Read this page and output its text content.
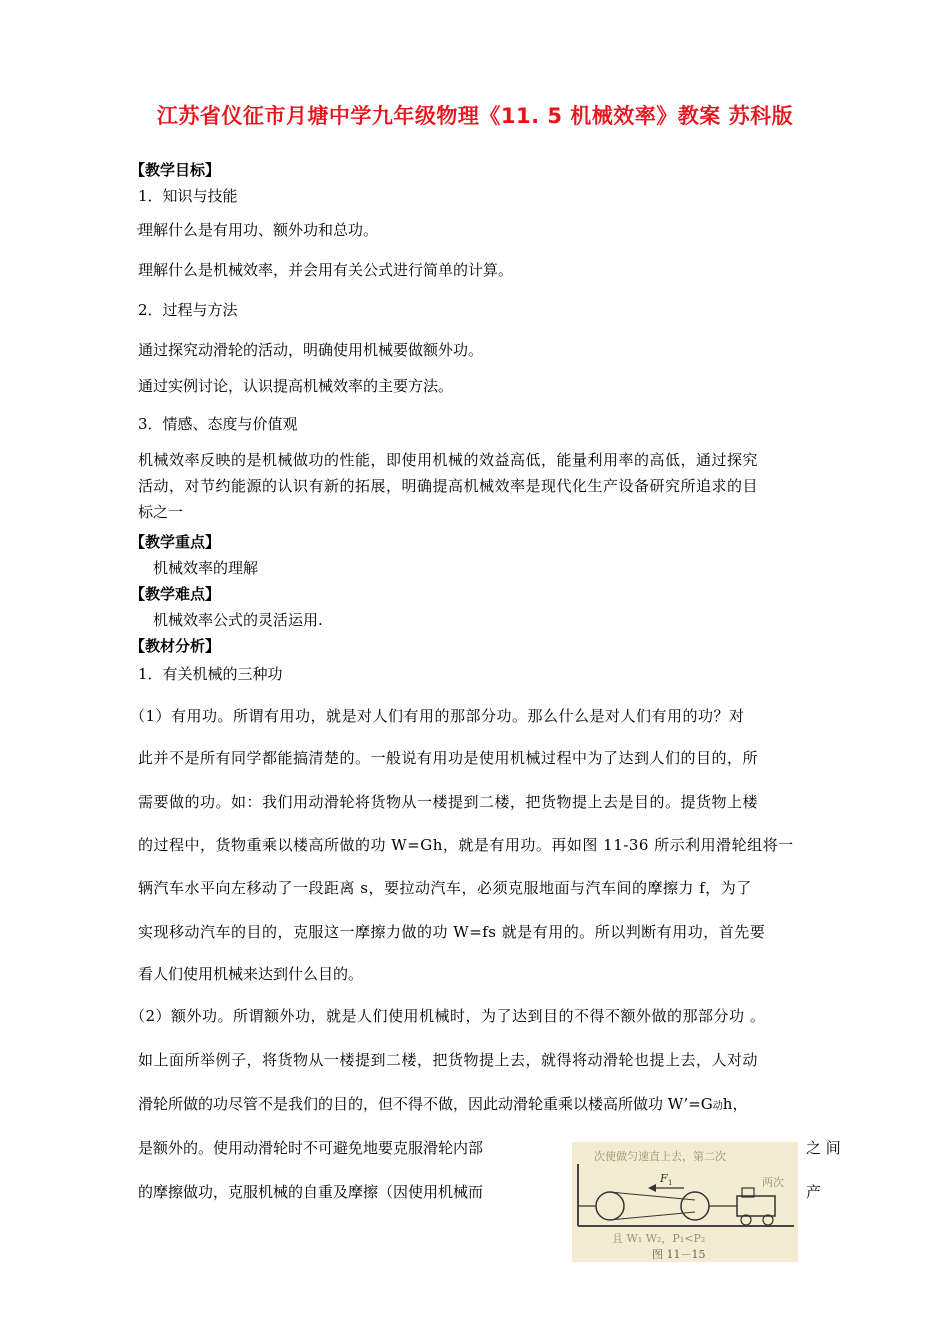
江苏省仪征市月塘中学九年级物理《11. 5 机械效率》教案 苏科版
【教学目标】
1．知识与技能
理解什么是有用功、额外功和总功。
理解什么是机械效率，并会用有关公式进行简单的计算。
2．过程与方法
通过探究动滑轮的活动，明确使用机械要做额外功。
通过实例讨论，认识提高机械效率的主要方法。
3．情感、态度与价值观
机械效率反映的是机械做功的性能，即使用机械的效益高低，能量利用率的高低，通过探究
活动，对节约能源的认识有新的拓展，明确提高机械效率是现代化生产设备研究所追求的目
标之一
【教学重点】
机械效率的理解
【教学难点】
机械效率公式的灵活运用.
【教材分析】
1．有关机械的三种功
（1）有用功。所谓有用功，就是对人们有用的那部分功。那么什么是对人们有用的功？对
此并不是所有同学都能搞清楚的。一般说有用功是使用机械过程中为了达到人们的目的，所
需要做的功。如：我们用动滑轮将货物从一楼提到二楼，把货物提上去是目的。提货物上楼
的过程中，货物重乘以楼高所做的功 W=Gh，就是有用功。再如图 11-36 所示利用滑轮组将一
辆汽车水平向左移动了一段距离 s，要拉动汽车，必须克服地面与汽车间的摩擦力 f，为了
实现移动汽车的目的，克服这一摩擦力做的功 W=fs 就是有用的。所以判断有用功，首先要
看人们使用机械来达到什么目的。
（2）额外功。所谓额外功，就是人们使用机械时，为了达到目的不得不额外做的那部分功 。
如上面所举例子，将货物从一楼提到二楼，把货物提上去，就得将动滑轮也提上去，人对动
滑轮所做的功尽管不是我们的目的，但不得不做，因此动滑轮重乘以楼高所做功 W’=G动h，
是额外的。使用动滑轮时不可避免地要克服滑轮内部	之 间
的摩擦做功，克服机械的自重及摩擦（因使用机械而	产
次使做匀速直上去，第二次
F 1	两次
且 W₁ W₂，P₁<P₂
图 11－15
